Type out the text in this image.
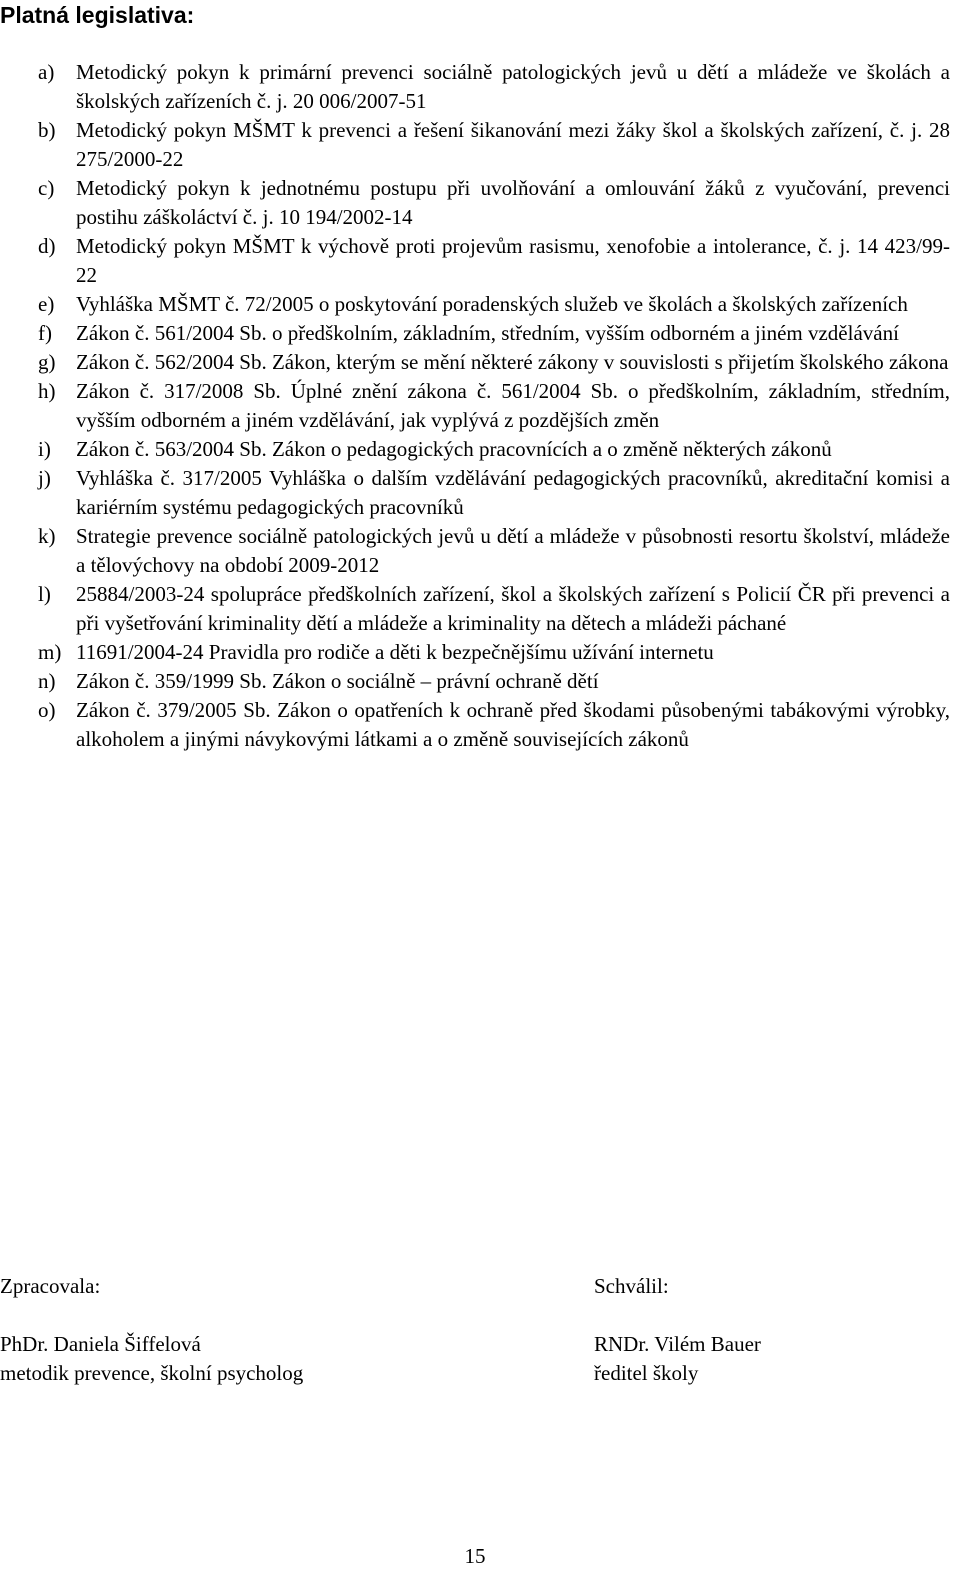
Platná legislativa:
a)	Metodický pokyn k primární prevenci sociálně patologických jevů u dětí a mládeže ve školách a školských zařízeních č. j. 20 006/2007-51
b) Metodický pokyn MŠMT k prevenci a řešení šikanování mezi žáky škol a školských zařízení, č. j. 28 275/2000-22
c)	Metodický pokyn k jednotnému postupu při uvolňování a omlouvání žáků z vyučování, prevenci postihu záškoláctví č. j. 10 194/2002-14
d) Metodický pokyn MŠMT k výchově proti projevům rasismu, xenofobie a intolerance, č. j. 14 423/99-22
e)	Vyhláška MŠMT č. 72/2005 o poskytování poradenských služeb ve školách a školských zařízeních
f)	Zákon č. 561/2004 Sb. o předškolním, základním, středním, vyšším odborném a jiném vzdělávání
g) Zákon č. 562/2004 Sb. Zákon, kterým se mění některé zákony v souvislosti s přijetím školského zákona
h) Zákon č. 317/2008 Sb. Úplné znění zákona č. 561/2004 Sb. o předškolním, základním, středním, vyšším odborném a jiném vzdělávání, jak vyplývá z pozdějších změn
i)	Zákon č. 563/2004 Sb. Zákon o pedagogických pracovnících a o změně některých zákonů
j)	Vyhláška č. 317/2005 Vyhláška o dalším vzdělávání pedagogických pracovníků, akreditační komisi a kariérním systému pedagogických pracovníků
k) Strategie prevence sociálně patologických jevů u dětí a mládeže v působnosti resortu školství, mládeže a tělovýchovy na období 2009-2012
l)	25884/2003-24 spolupráce předškolních zařízení, škol a školských zařízení s Policií ČR při prevenci a při vyšetřování kriminality dětí a mládeže a kriminality na dětech a mládeži páchané
m) 11691/2004-24 Pravidla pro rodiče a děti k bezpečnějšímu užívání internetu
n) Zákon č. 359/1999 Sb. Zákon o sociálně – právní ochraně dětí
o) Zákon č. 379/2005 Sb. Zákon o opatřeních k ochraně před škodami působenými tabákovými výrobky, alkoholem a jinými návykovými látkami a o změně souvisejících zákonů
Zpracovala:
PhDr. Daniela Šiffelová
metodik prevence, školní psycholog
Schválil:
RNDr. Vilém Bauer
ředitel školy
15
